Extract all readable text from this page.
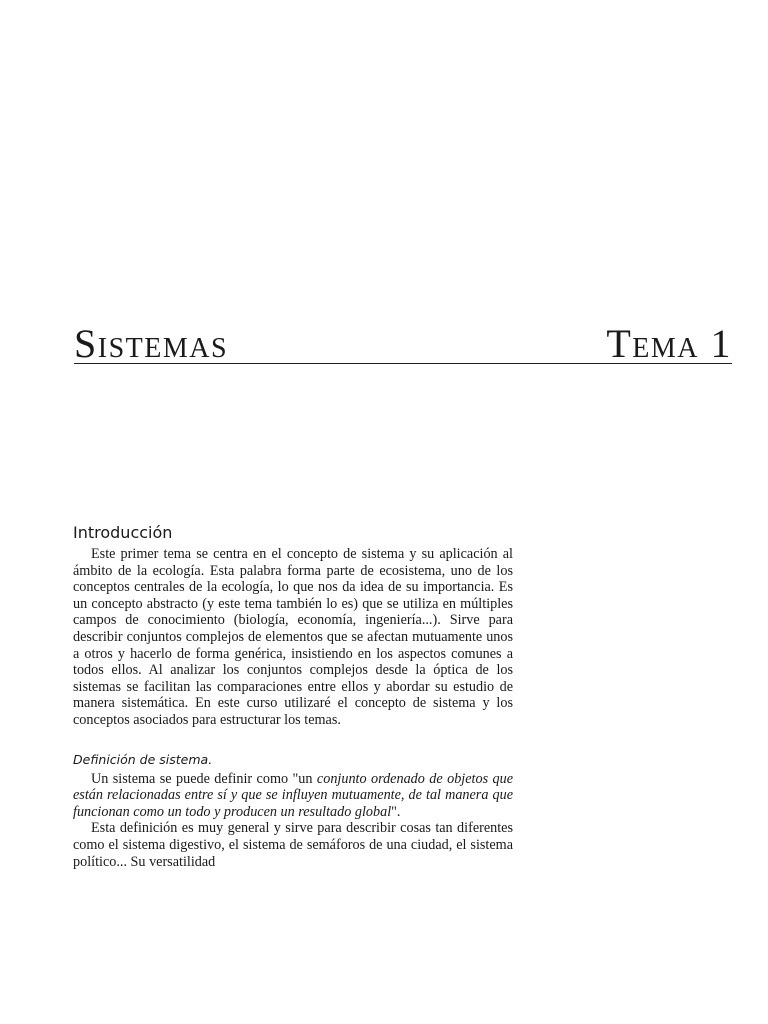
Sistemas	Tema 1
Introducción

Este primer tema se centra en el concepto de sistema y su aplicación al ámbito de la ecología. Esta palabra forma parte de ecosistema, uno de los conceptos centrales de la ecología, lo que nos da idea de su importancia. Es un concepto abstracto (y este tema también lo es) que se utiliza en múltiples campos de conocimiento (biología, economía, ingeniería...). Sirve para describir conjuntos complejos de elementos que se afectan mutuamente unos a otros y hacerlo de forma genérica, insistiendo en los aspectos comunes a todos ellos. Al analizar los conjuntos complejos desde la óptica de los sistemas se facilitan las comparaciones entre ellos y abordar su estudio de manera sistemática. En este curso utilizaré el concepto de sistema y los conceptos asociados para estructurar los temas.

Definición de sistema.

Un sistema se puede definir como "un conjunto ordenado de objetos que están relacionadas entre sí y que se influyen mutuamente, de tal manera que funcionan como un todo y producen un resultado global".

Esta definición es muy general y sirve para describir cosas tan diferentes como el sistema digestivo, el sistema de semáforos de una ciudad, el sistema político... Su versatilidad
